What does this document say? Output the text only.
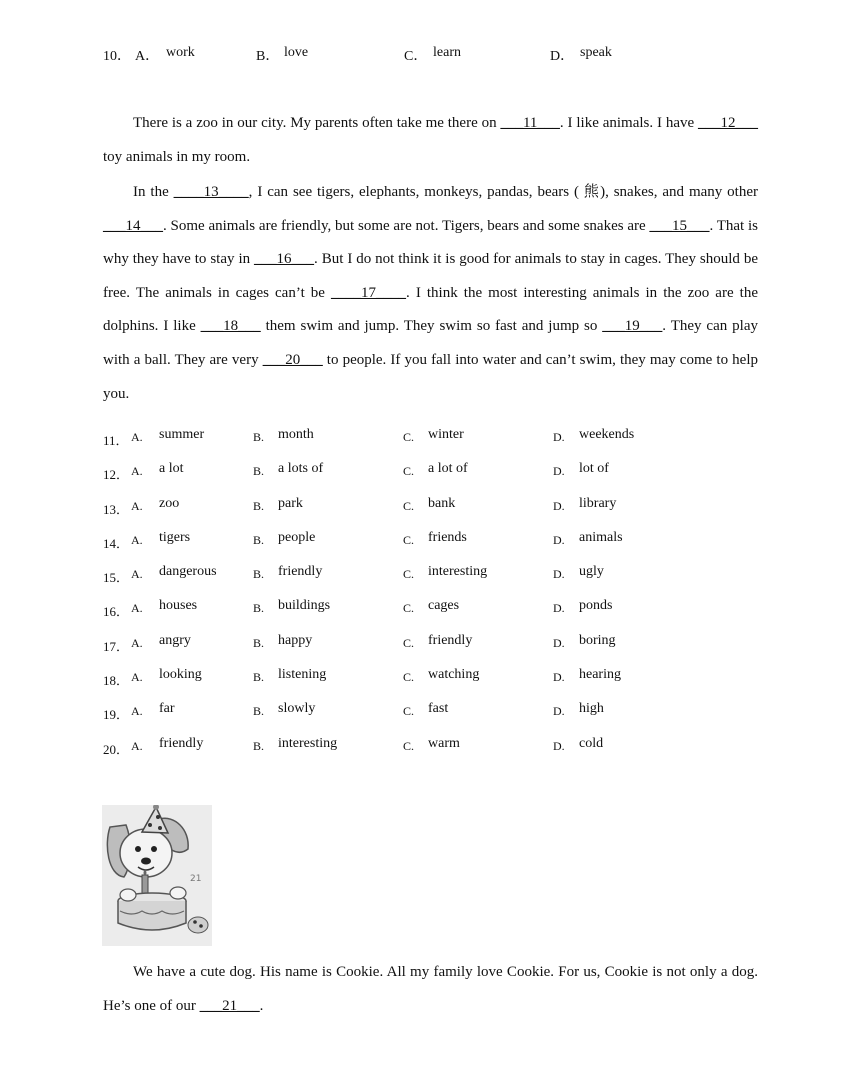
10． A． work	B． love	C． learn	D． speak

There is a zoo in our city. My parents often take me there on ___11___. I like animals. I have ___12___ toy animals in my room.

In the ____13____, I can see tigers, elephants, monkeys, pandas, bears ( 熊), snakes, and many other ___14___. Some animals are friendly, but some are not. Tigers, bears and some snakes are ___15___. That is why they have to stay in ___16___. But I do not think it is good for animals to stay in cages. They should be free. The animals in cages can’t be ____17____. I think the most interesting animals in the zoo are the dolphins. I like ___18___ them swim and jump. They swim so fast and jump so ___19___. They can play with a ball. They are very ___20___ to people. If you fall into water and can’t swim, they may come to help you.

11． A. summer	B. month	C. winter	D. weekends
12． A. a lot	B. a lots of	C. a lot of	D. lot of
13． A. zoo	B. park	C. bank	D. library
14． A. tigers	B. people	C. friends	D. animals
15． A. dangerous	B. friendly	C. interesting	D. ugly
16． A. houses	B. buildings	C. cages	D. ponds
17． A. angry	B. happy	C. friendly	D. boring
18． A. looking	B. listening	C. watching	D. hearing
19． A. far	B. slowly	C. fast	D. high
20． A. friendly	B. interesting	C. warm	D. cold
21

We have a cute dog. His name is Cookie. All my family love Cookie. For us, Cookie is not only a dog. He’s one of our ___21___.
